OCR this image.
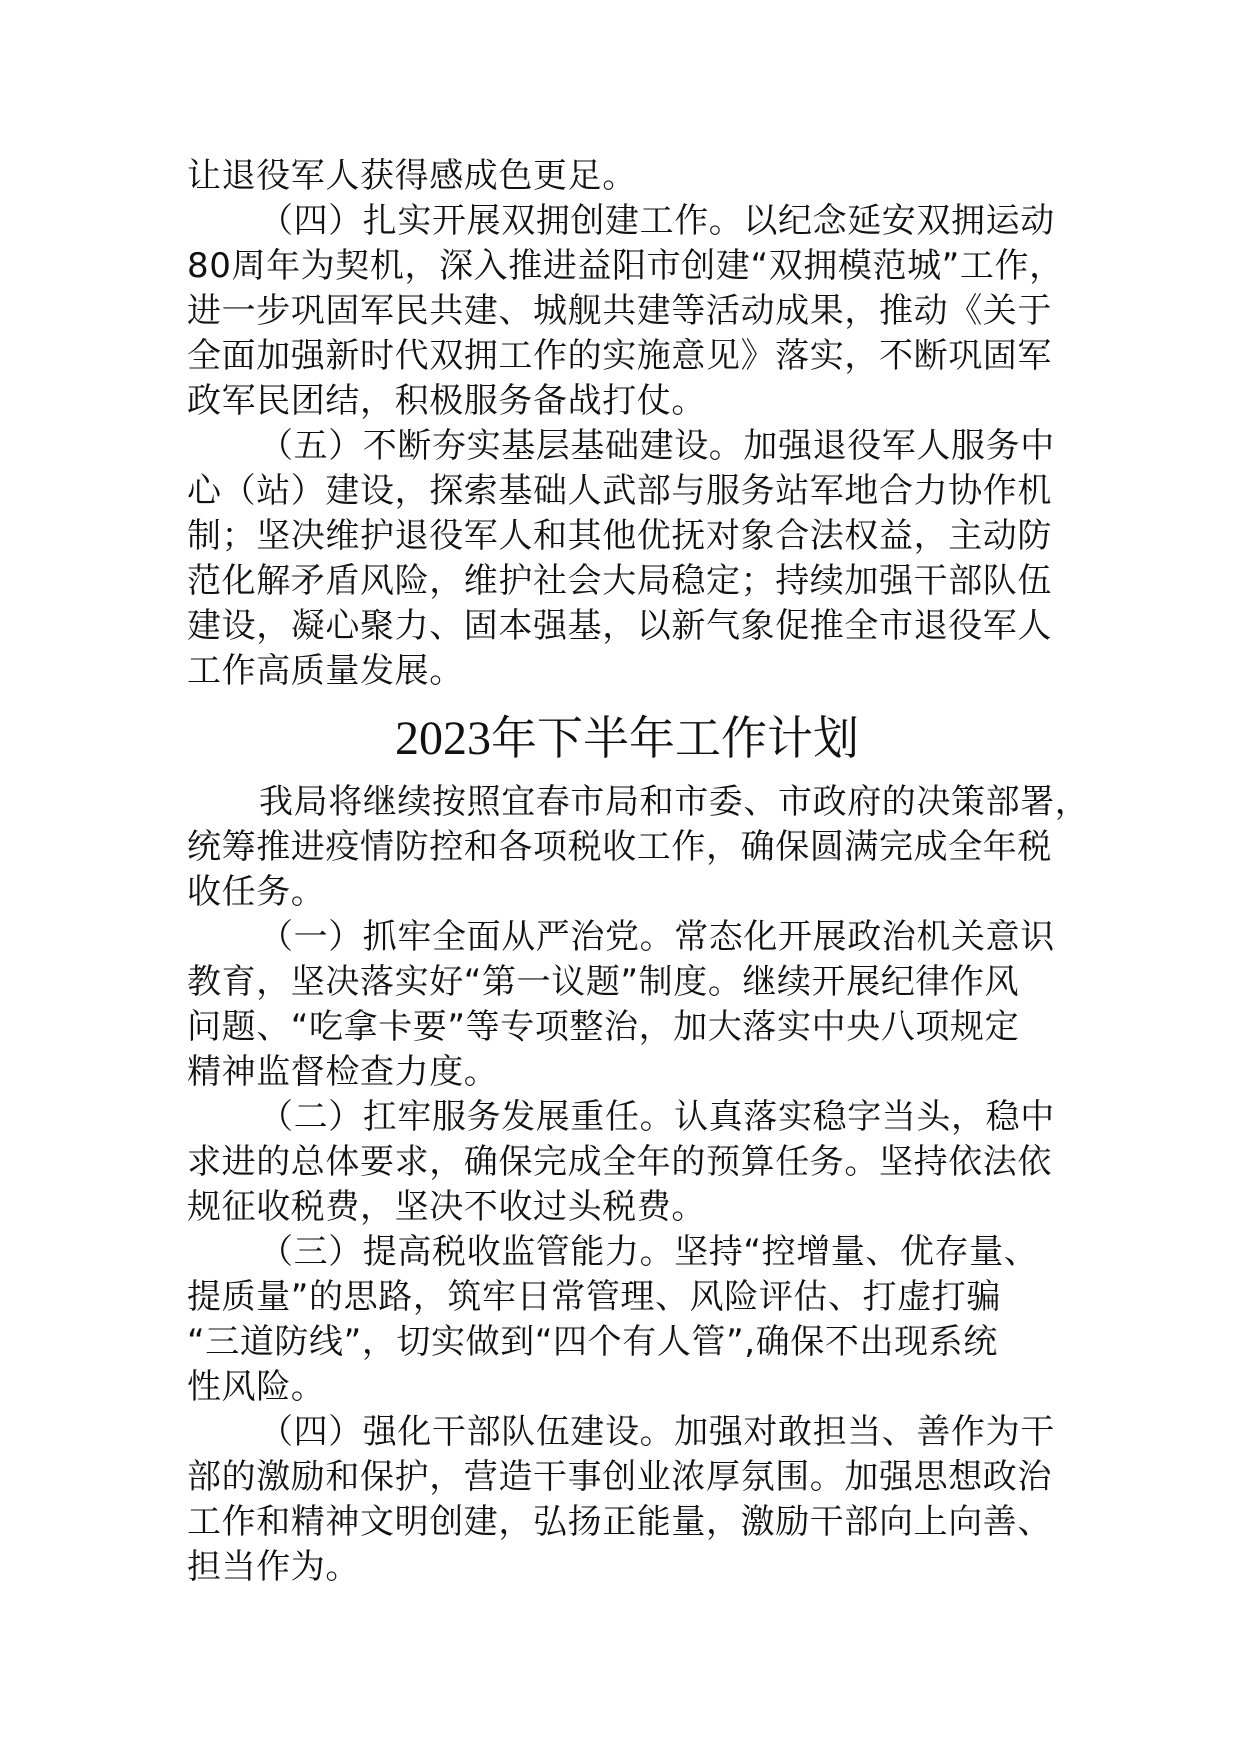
让退役军人获得感成色更足。
（四）扎实开展双拥创建工作。以纪念延安双拥运动
80周年为契机，深入推进益阳市创建“双拥模范城”工作，
进一步巩固军民共建、城舰共建等活动成果，推动《关于
全面加强新时代双拥工作的实施意见》落实，不断巩固军
政军民团结，积极服务备战打仗。
（五）不断夯实基层基础建设。加强退役军人服务中
心（站）建设，探索基础人武部与服务站军地合力协作机
制；坚决维护退役军人和其他优抚对象合法权益，主动防
范化解矛盾风险，维护社会大局稳定；持续加强干部队伍
建设，凝心聚力、固本强基，以新气象促推全市退役军人
工作高质量发展。
2023年下半年工作计划
我局将继续按照宜春市局和市委、市政府的决策部署，
统筹推进疫情防控和各项税收工作，确保圆满完成全年税
收任务。
（一）抓牢全面从严治党。常态化开展政治机关意识
教育，坚决落实好“第一议题”制度。继续开展纪律作风
问题、“吃拿卡要”等专项整治，加大落实中央八项规定
精神监督检查力度。
（二）扛牢服务发展重任。认真落实稳字当头，稳中
求进的总体要求，确保完成全年的预算任务。坚持依法依
规征收税费，坚决不收过头税费。
（三）提高税收监管能力。坚持“控增量、优存量、
提质量”的思路，筑牢日常管理、风险评估、打虚打骗
“三道防线”，切实做到“四个有人管”,确保不出现系统
性风险。
（四）强化干部队伍建设。加强对敢担当、善作为干
部的激励和保护，营造干事创业浓厚氛围。加强思想政治
工作和精神文明创建，弘扬正能量，激励干部向上向善、
担当作为。
